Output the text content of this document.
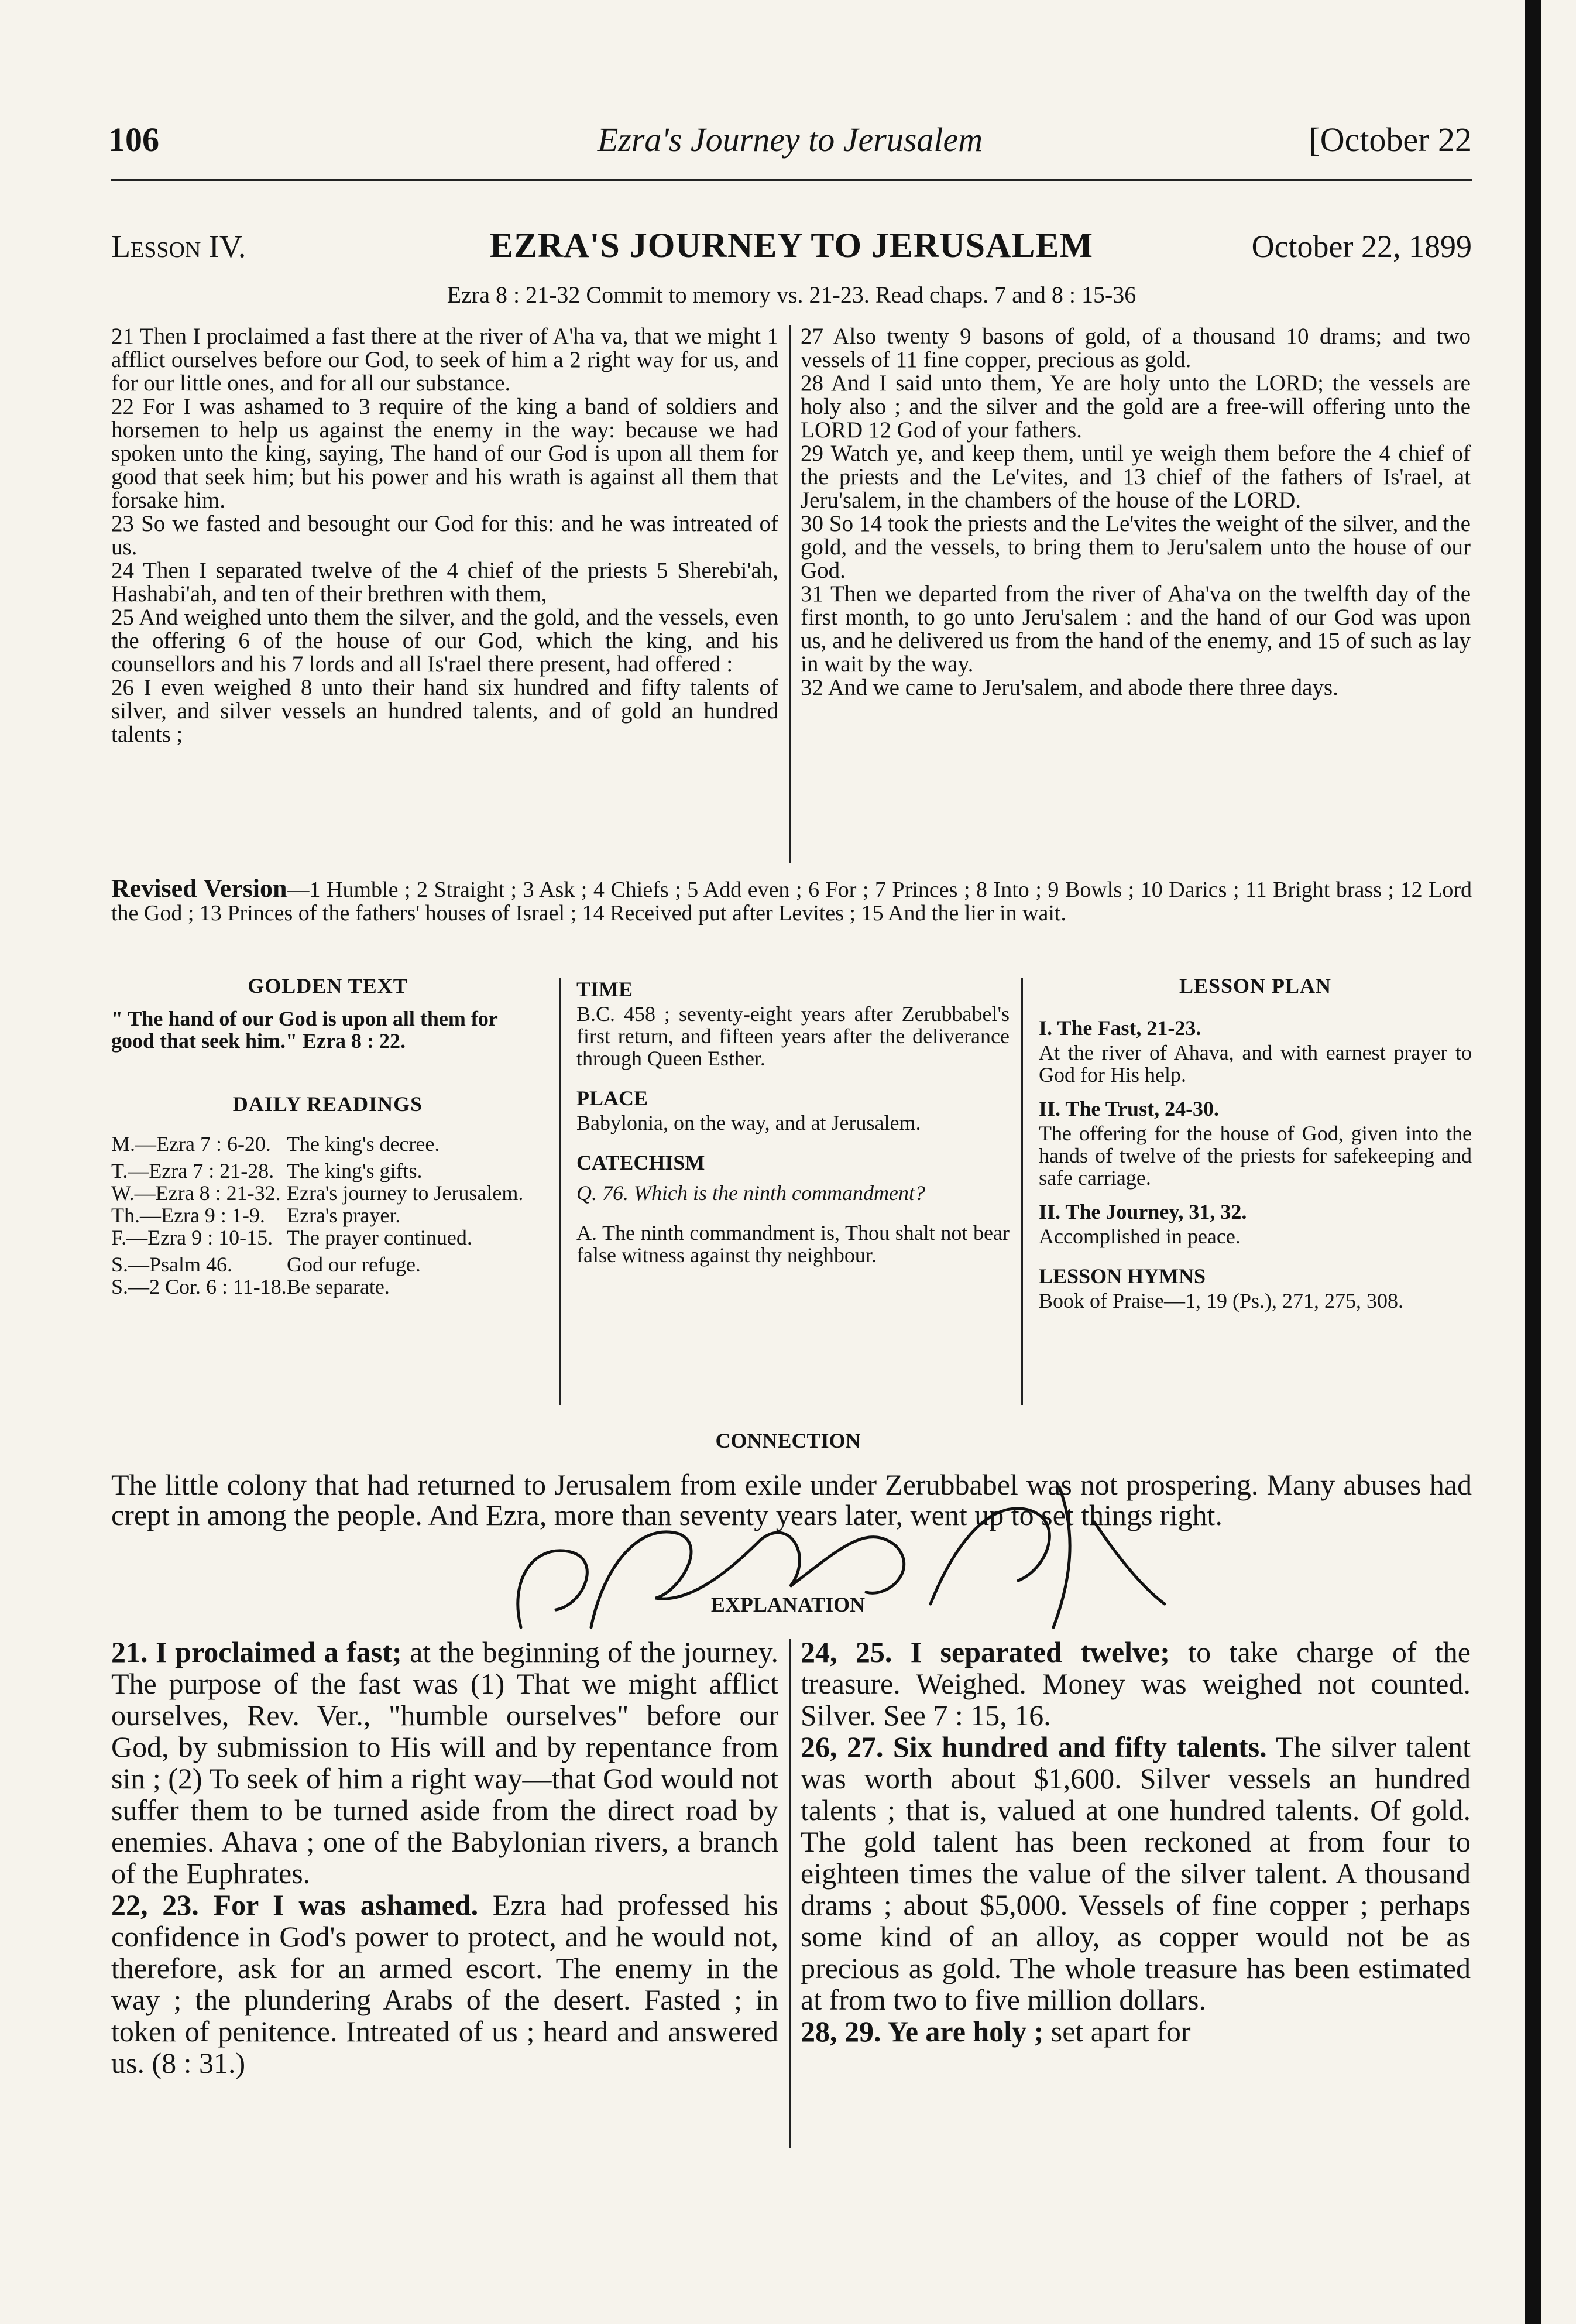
106	Ezra's Journey to Jerusalem	[October 22
Lesson IV.	EZRA'S JOURNEY TO JERUSALEM	October 22, 1899
Ezra 8 : 21-32 Commit to memory vs. 21-23. Read chaps. 7 and 8 : 15-36

21 Then I proclaimed a fast there at the river of A'ha va, that we might 1 afflict ourselves before our God, to seek of him a 2 right way for us, and for our little ones, and for all our substance.

22 For I was ashamed to 3 require of the king a band of soldiers and horsemen to help us against the enemy in the way: because we had spoken unto the king, saying, The hand of our God is upon all them for good that seek him; but his power and his wrath is against all them that forsake him.

23 So we fasted and besought our God for this: and he was intreated of us.

24 Then I separated twelve of the 4 chief of the priests 5 Sherebi'ah, Hashabi'ah, and ten of their brethren with them,

25 And weighed unto them the silver, and the gold, and the vessels, even the offering 6 of the house of our God, which the king, and his counsellors and his 7 lords and all Is'rael there present, had offered :

26 I even weighed 8 unto their hand six hundred and fifty talents of silver, and silver vessels an hundred talents, and of gold an hundred talents ;

27 Also twenty 9 basons of gold, of a thousand 10 drams; and two vessels of 11 fine copper, precious as gold.

28 And I said unto them, Ye are holy unto the LORD; the vessels are holy also ; and the silver and the gold are a free-will offering unto the LORD 12 God of your fathers.

29 Watch ye, and keep them, until ye weigh them before the 4 chief of the priests and the Le'vites, and 13 chief of the fathers of Is'rael, at Jeru'salem, in the chambers of the house of the LORD.

30 So 14 took the priests and the Le'vites the weight of the silver, and the gold, and the vessels, to bring them to Jeru'salem unto the house of our God.

31 Then we departed from the river of Aha'va on the twelfth day of the first month, to go unto Jeru'salem : and the hand of our God was upon us, and he delivered us from the hand of the enemy, and 15 of such as lay in wait by the way.

32 And we came to Jeru'salem, and abode there three days.

Revised Version—1 Humble ; 2 Straight ; 3 Ask ; 4 Chiefs ; 5 Add even ; 6 For ; 7 Princes ; 8 Into ; 9 Bowls ; 10 Darics ; 11 Bright brass ; 12 Lord the God ; 13 Princes of the fathers' houses of Israel ; 14 Received put after Levites ; 15 And the lier in wait.
GOLDEN TEXT

" The hand of our God is upon all them for good that seek him." Ezra 8 : 22.

DAILY READINGS
M.—Ezra 7 : 6-20. The king's decree.
T.—Ezra 7 : 21-28. The king's gifts.
W.—Ezra 8 : 21-32. Ezra's journey to Jerusalem.
Th.—Ezra 9 : 1-9.	Ezra's prayer.
F.—Ezra 9 : 10-15. The prayer continued.
S.—Psalm 46.	God our refuge.
S.—2 Cor. 6 : 11-18. Be separate.
TIME

B.C. 458 ; seventy-eight years after Zerubbabel's first return, and fifteen years after the deliverance through Queen Esther.

PLACE

Babylonia, on the way, and at Jerusalem.

CATECHISM

Q. 76. Which is the ninth commandment?

A. The ninth commandment is, Thou shalt not bear false witness against thy neighbour.

LESSON PLAN
I. The Fast, 21-23.

At the river of Ahava, and with earnest prayer to God for His help.

II. The Trust, 24-30.

The offering for the house of God, given into the hands of twelve of the priests for safekeeping and safe carriage.

II. The Journey, 31, 32.

Accomplished in peace.

LESSON HYMNS

Book of Praise—1, 19 (Ps.), 271, 275, 308.

CONNECTION
The little colony that had returned to Jerusalem from exile under Zerubbabel was not prospering. Many abuses had crept in among the people. And Ezra, more than seventy years later, went up to set things right.
EXPLANATION

21. I proclaimed a fast; at the beginning of the journey. The purpose of the fast was (1) That we might afflict ourselves, Rev. Ver., "humble ourselves" before our God, by submission to His will and by repentance from sin ; (2) To seek of him a right way—that God would not suffer them to be turned aside from the direct road by enemies. Ahava ; one of the Babylonian rivers, a branch of the Euphrates.

22, 23. For I was ashamed. Ezra had professed his confidence in God's power to protect, and he would not, therefore, ask for an armed escort. The enemy in the way ; the plundering Arabs of the desert. Fasted ; in token of penitence. Intreated of us ; heard and answered us. (8 : 31.)

24, 25. I separated twelve; to take charge of the treasure. Weighed. Money was weighed not counted. Silver. See 7 : 15, 16.

26, 27. Six hundred and fifty talents. The silver talent was worth about $1,600. Silver vessels an hundred talents ; that is, valued at one hundred talents. Of gold. The gold talent has been reckoned at from four to eighteen times the value of the silver talent. A thousand drams ; about $5,000. Vessels of fine copper ; perhaps some kind of an alloy, as copper would not be as precious as gold. The whole treasure has been estimated at from two to five million dollars.

28, 29. Ye are holy ; set apart for
